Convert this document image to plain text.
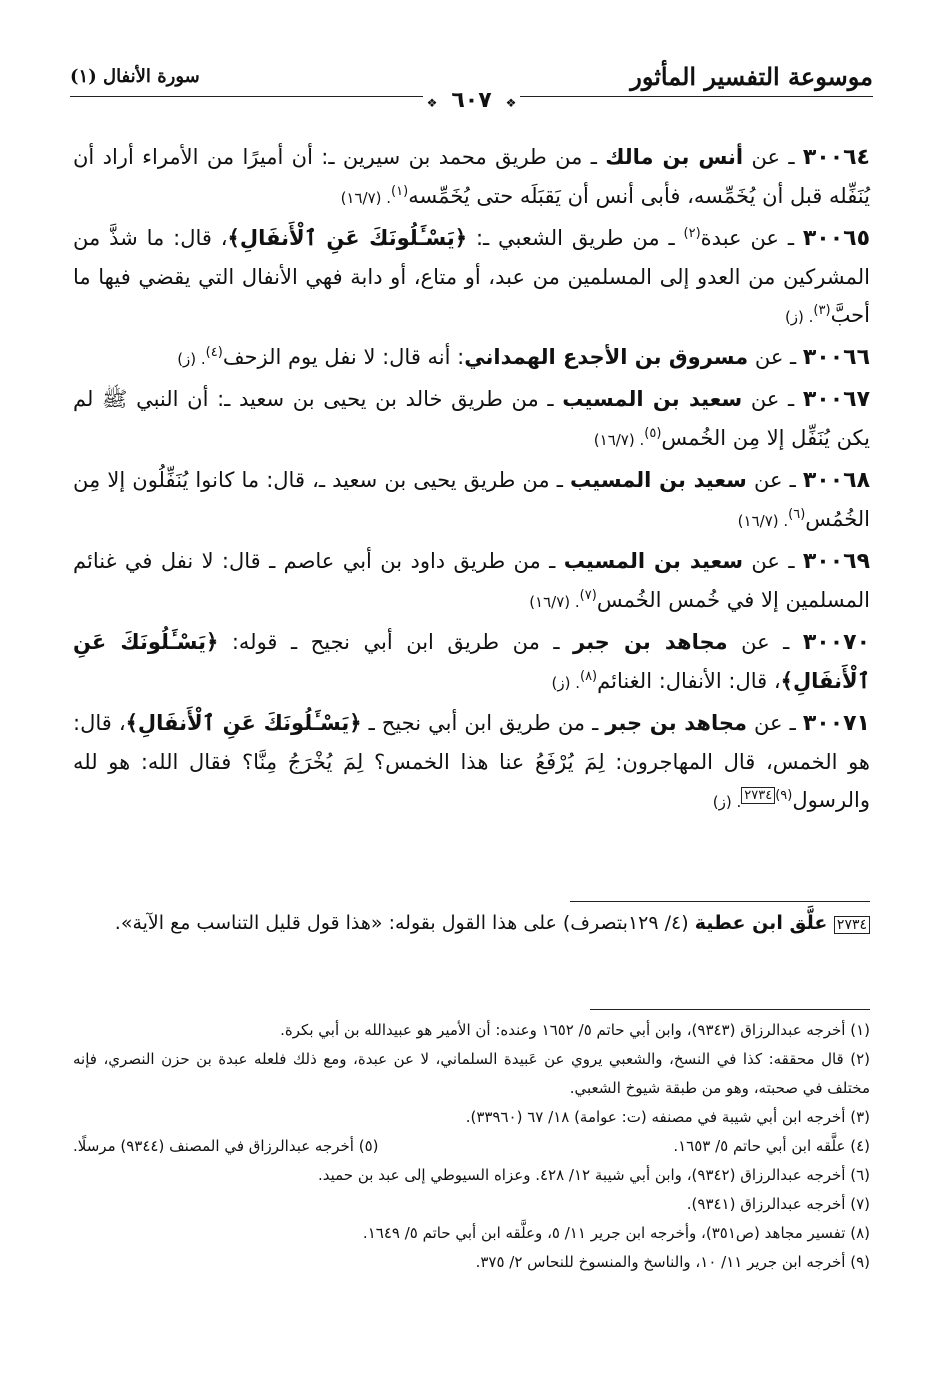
موسوعة التفسير المأثور
سورة الأنفال (١)
❖ ٦٠٧ ❖

٣٠٠٦٤ ـ عن أنس بن مالك ـ من طريق محمد بن سيرين ـ: أن أميرًا من الأمراء أراد أن يُنَفِّله قبل أن يُخَمِّسه، فأبى أنس أن يَقبَلَه حتى يُخَمِّسه$^{(١)}$. (١٦/٧)

٣٠٠٦٥ ـ عن عبدة$^{(٢)}$ ـ من طريق الشعبي ـ: ﴿يَسْـَٔلُونَكَ عَنِ ٱلْأَنفَالِ﴾، قال: ما شذَّ من المشركين من العدو إلى المسلمين من عبد، أو متاع، أو دابة فهي الأنفال التي يقضي فيها ما أحبَّ$^{(٣)}$. (ز)

٣٠٠٦٦ ـ عن مسروق بن الأجدع الهمداني: أنه قال: لا نفل يوم الزحف$^{(٤)}$. (ز)

٣٠٠٦٧ ـ عن سعيد بن المسيب ـ من طريق خالد بن يحيى بن سعيد ـ: أن النبي ﷺ لم يكن يُنَفِّل إلا مِن الخُمس$^{(٥)}$. (١٦/٧)

٣٠٠٦٨ ـ عن سعيد بن المسيب ـ من طريق يحيى بن سعيد ـ، قال: ما كانوا يُنَفِّلُون إلا مِن الخُمُس$^{(٦)}$. (١٦/٧)

٣٠٠٦٩ ـ عن سعيد بن المسيب ـ من طريق داود بن أبي عاصم ـ قال: لا نفل في غنائم المسلمين إلا في خُمس الخُمس$^{(٧)}$. (١٦/٧)

٣٠٠٧٠ ـ عن مجاهد بن جبر ـ من طريق ابن أبي نجيح ـ قوله: ﴿يَسْـَٔلُونَكَ عَنِ ٱلْأَنفَالِ﴾، قال: الأنفال: الغنائم$^{(٨)}$. (ز)

٣٠٠٧١ ـ عن مجاهد بن جبر ـ من طريق ابن أبي نجيح ـ ﴿يَسْـَٔلُونَكَ عَنِ ٱلْأَنفَالِ﴾، قال: هو الخمس، قال المهاجرون: لِمَ يُرْفَعُ عنا هذا الخمس؟ لِمَ يُخْرَجُ مِنَّا؟ فقال الله: هو لله والرسول$^{(٩)٢٧٣٤}$. (ز)

٢٧٣٤ علَّق ابن عطية (٤/ ١٢٩بتصرف) على هذا القول بقوله: «هذا قول قليل التناسب مع الآية».
(١) أخرجه عبدالرزاق (٩٣٤٣)، وابن أبي حاتم ٥/ ١٦٥٢ وعنده: أن الأمير هو عبيدالله بن أبي بكرة.
(٢) قال محققه: كذا في النسخ، والشعبي يروي عن عَبيدة السلماني، لا عن عبدة، ومع ذلك فلعله عبدة بن حزن النصري، فإنه مختلف في صحبته، وهو من طبقة شيوخ الشعبي.
(٣) أخرجه ابن أبي شيبة في مصنفه (ت: عوامة) ١٨/ ٦٧ (٣٣٩٦٠).
(٤) علَّقه ابن أبي حاتم ٥/ ١٦٥٣.
(٥) أخرجه عبدالرزاق في المصنف (٩٣٤٤) مرسلًا.
(٦) أخرجه عبدالرزاق (٩٣٤٢)، وابن أبي شيبة ١٢/ ٤٢٨. وعزاه السيوطي إلى عبد بن حميد.
(٧) أخرجه عبدالرزاق (٩٣٤١).
(٨) تفسير مجاهد (ص٣٥١)، وأخرجه ابن جرير ١١/ ٥، وعلَّقه ابن أبي حاتم ٥/ ١٦٤٩.
(٩) أخرجه ابن جرير ١١/ ١٠، والناسخ والمنسوخ للنحاس ٢/ ٣٧٥.
